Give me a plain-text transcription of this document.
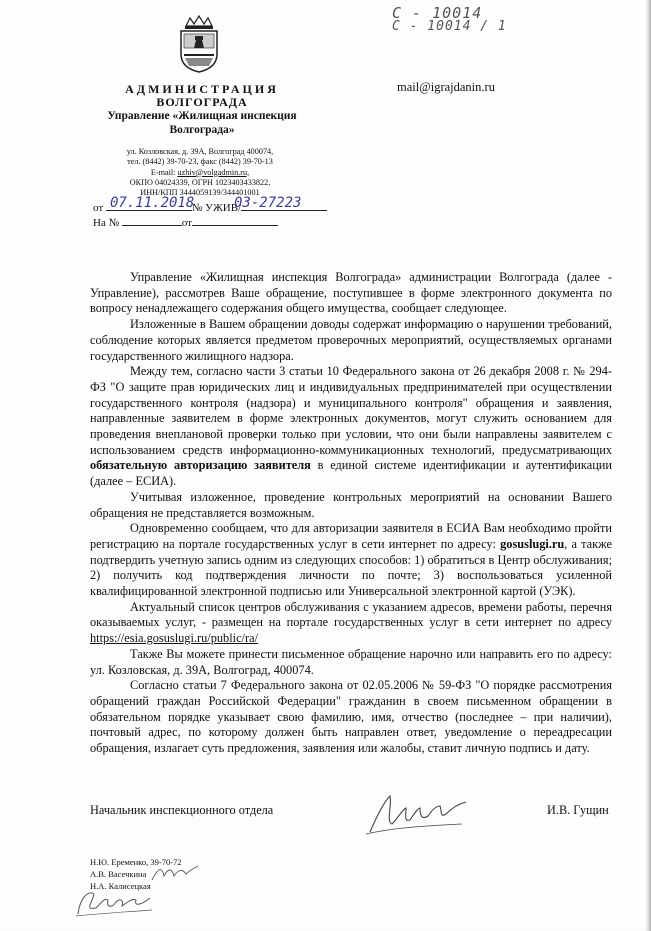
С - 10014
С - 10014 / 1
АДМИНИСТРАЦИЯ
ВОЛГОГРАДА
Управление «Жилищная инспекция
Волгограда»
ул. Козловская, д. 39А, Волгоград 400074,
тел. (8442) 39-70-23, факс (8442) 39-70-13
E-mail: uzhiv@volgadmin.ru,
ОКПО 04024339, ОГРН 1023403433822,
ИНН/КПП 3444059139/344401001
mail@igrajdanin.ru
от	№ УЖИВ/
07.11.2018	03-27223
На №	от

Управление «Жилищная инспекция Волгограда» администрации Волгограда (далее - Управление), рассмотрев Ваше обращение, поступившее в форме электронного документа по вопросу ненадлежащего содержания общего имущества, сообщает следующее.

Изложенные в Вашем обращении доводы содержат информацию о нарушении требований, соблюдение которых является предметом проверочных мероприятий, осуществляемых органами государственного жилищного надзора.

Между тем, согласно части 3 статьи 10 Федерального закона от 26 декабря 2008 г. № 294-ФЗ "О защите прав юридических лиц и индивидуальных предпринимателей при осуществлении государственного контроля (надзора) и муниципального контроля" обращения и заявления, направленные заявителем в форме электронных документов, могут служить основанием для проведения внеплановой проверки только при условии, что они были направлены заявителем с использованием средств информационно-коммуникационных технологий, предусматривающих обязательную авторизацию заявителя в единой системе идентификации и аутентификации (далее – ЕСИА).

Учитывая изложенное, проведение контрольных мероприятий на основании Вашего обращения не представляется возможным.

Одновременно сообщаем, что для авторизации заявителя в ЕСИА Вам необходимо пройти регистрацию на портале государственных услуг в сети интернет по адресу: gosuslugi.ru, а также подтвердить учетную запись одним из следующих способов: 1) обратиться в Центр обслуживания; 2) получить код подтверждения личности по почте; 3) воспользоваться усиленной квалифицированной электронной подписью или Универсальной электронной картой (УЭК).

Актуальный список центров обслуживания с указанием адресов, времени работы, перечня оказываемых услуг, - размещен на портале государственных услуг в сети интернет по адресу https://esia.gosuslugi.ru/public/ra/

Также Вы можете принести письменное обращение нарочно или направить его по адресу: ул. Козловская, д. 39А, Волгоград, 400074.

Согласно статьи 7 Федерального закона от 02.05.2006 № 59-ФЗ "О порядке рассмотрения обращений граждан Российской Федерации" гражданин в своем письменном обращении в обязательном порядке указывает свою фамилию, имя, отчество (последнее – при наличии), почтовый адрес, по которому должен быть направлен ответ, уведомление о переадресации обращения, излагает суть предложения, заявления или жалобы, ставит личную подпись и дату.

Начальник инспекционного отдела	И.В. Гущин
Н.Ю. Еременко, 39-70-72
А.В. Васечкина
Н.А. Калисецкая
